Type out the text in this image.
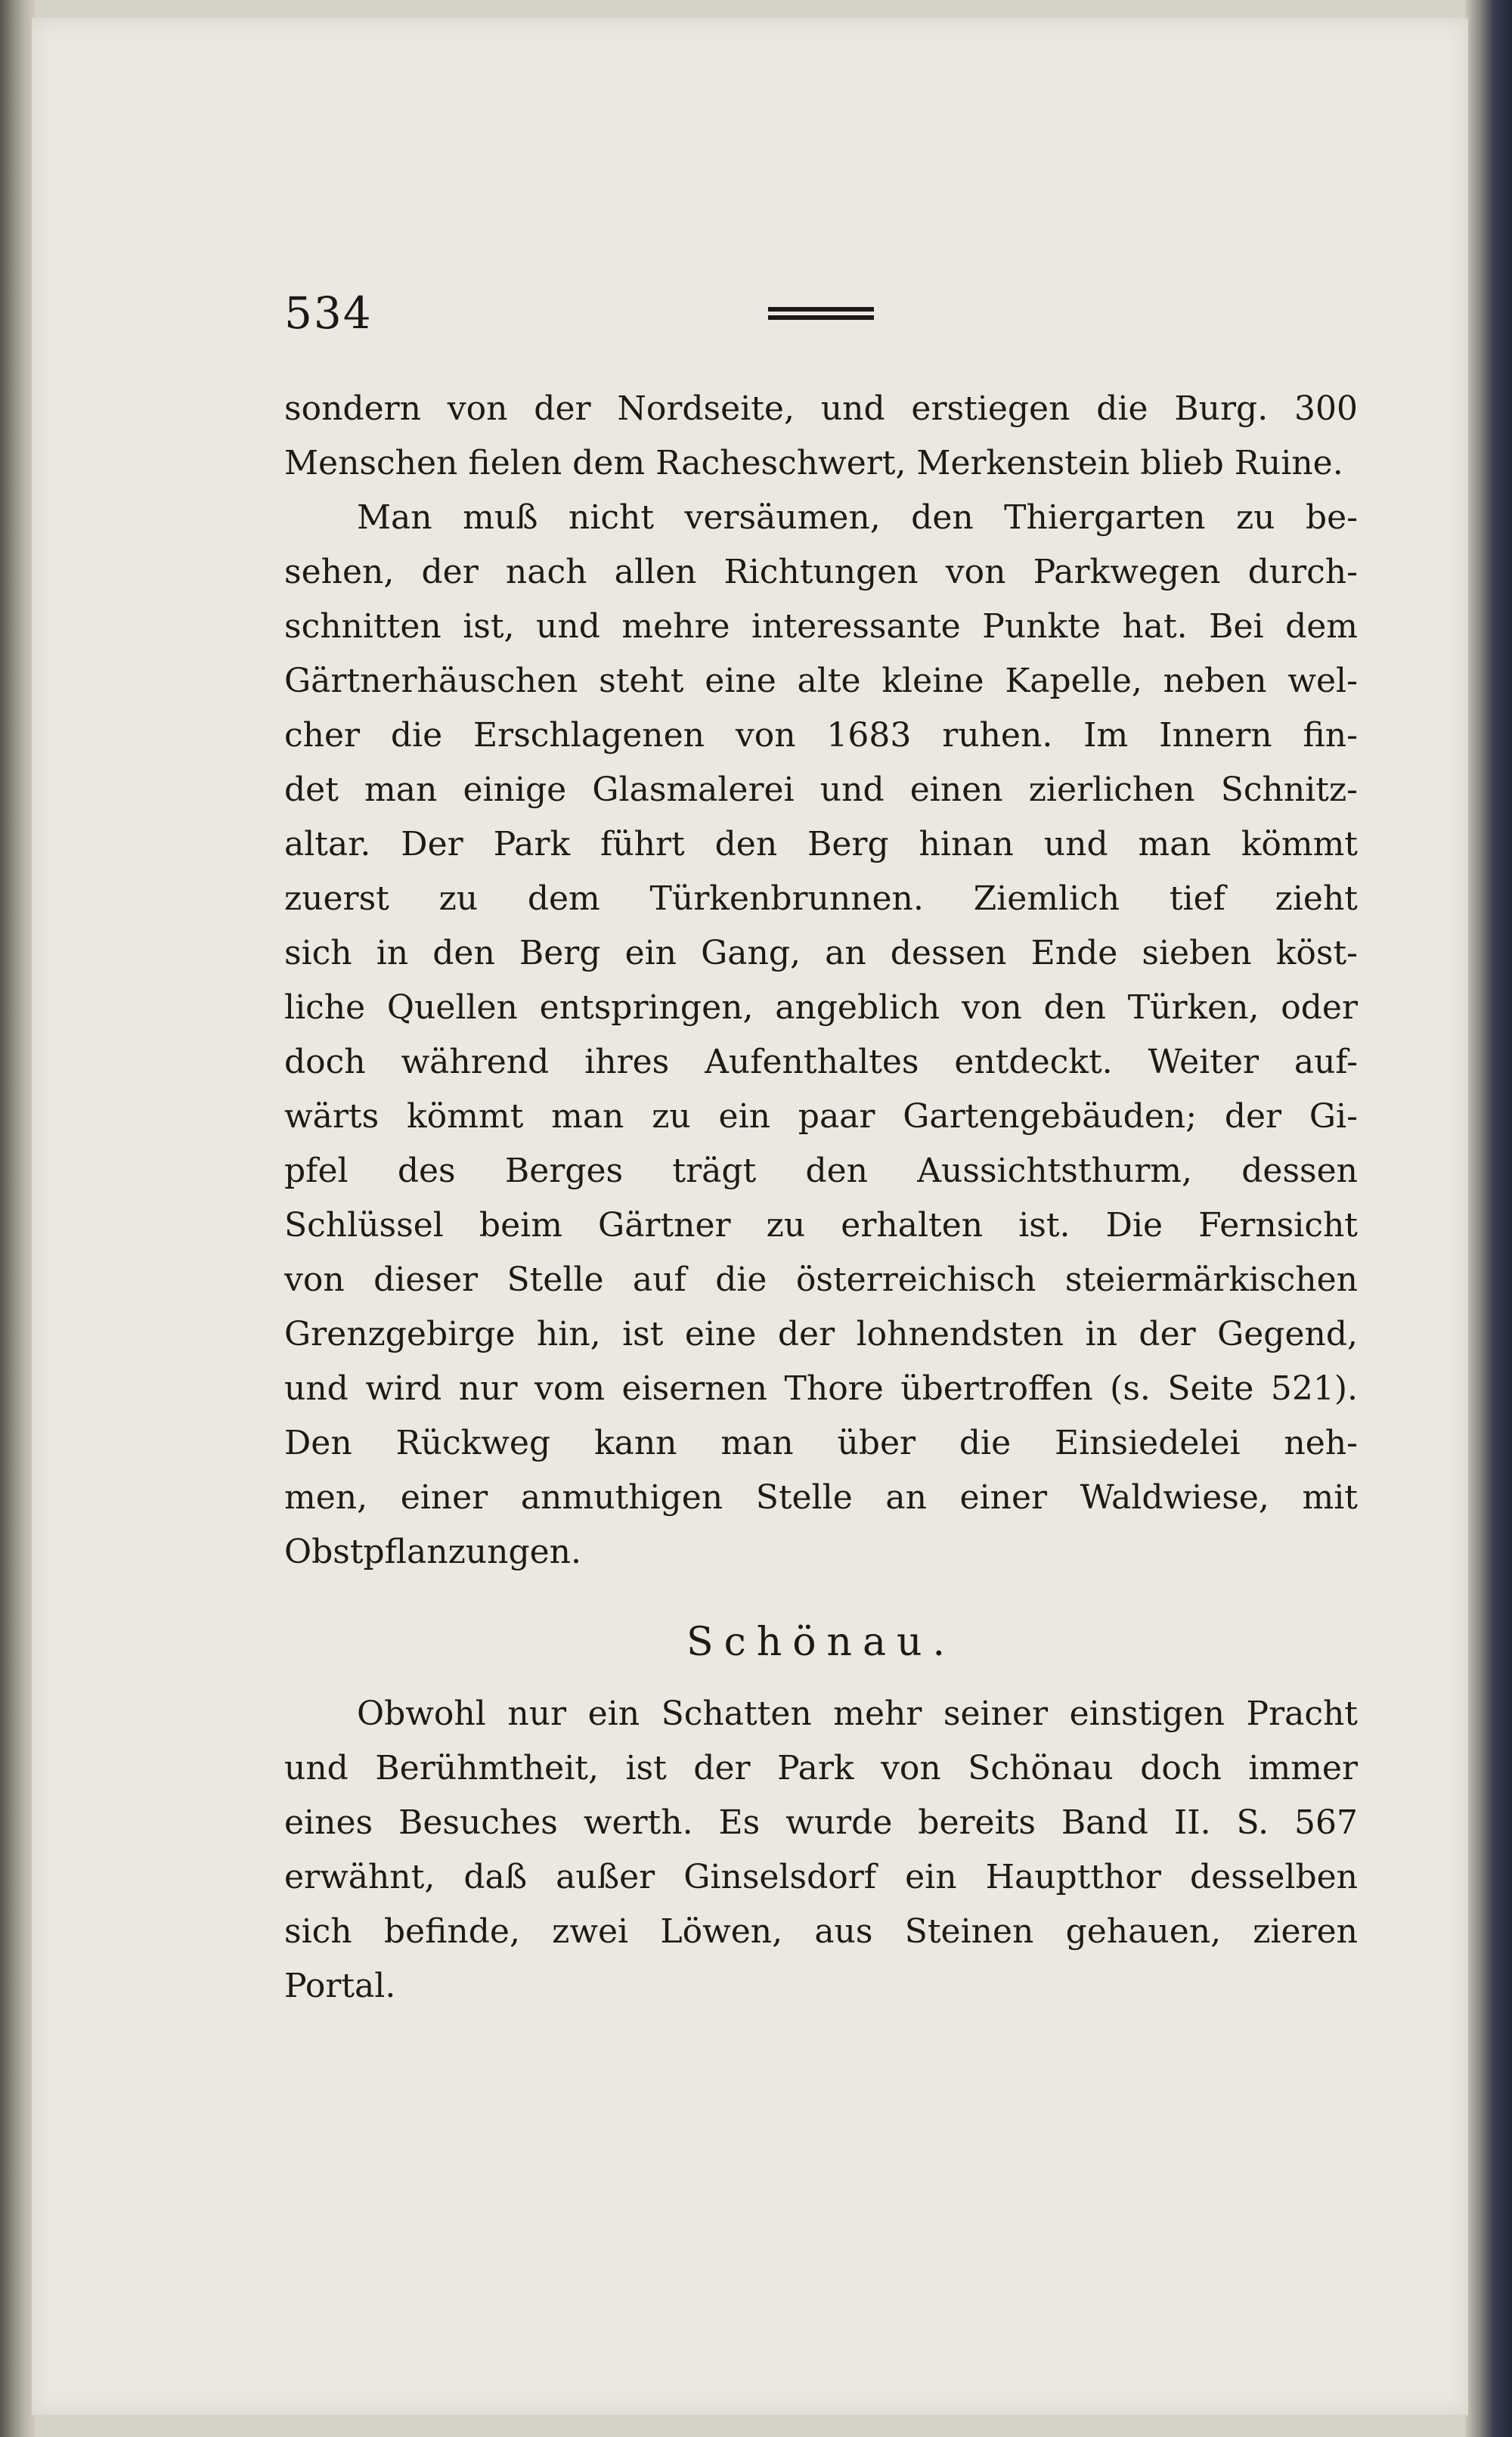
534
sondern von der Nordseite, und erstiegen die Burg. 300
Menschen fielen dem Racheschwert, Merkenstein blieb Ruine.
Man muß nicht versäumen, den Thiergarten zu be-
sehen, der nach allen Richtungen von Parkwegen durch-
schnitten ist, und mehre interessante Punkte hat. Bei dem
Gärtnerhäuschen steht eine alte kleine Kapelle, neben wel-
cher die Erschlagenen von 1683 ruhen. Im Innern fin-
det man einige Glasmalerei und einen zierlichen Schnitz-
altar. Der Park führt den Berg hinan und man kömmt
zuerst zu dem Türkenbrunnen. Ziemlich tief zieht
sich in den Berg ein Gang, an dessen Ende sieben köst-
liche Quellen entspringen, angeblich von den Türken, oder
doch während ihres Aufenthaltes entdeckt. Weiter auf-
wärts kömmt man zu ein paar Gartengebäuden; der Gi-
pfel des Berges trägt den Aussichtsthurm, dessen
Schlüssel beim Gärtner zu erhalten ist. Die Fernsicht
von dieser Stelle auf die österreichisch steiermärkischen
Grenzgebirge hin, ist eine der lohnendsten in der Gegend,
und wird nur vom eisernen Thore übertroffen (s. Seite 521).
Den Rückweg kann man über die Einsiedelei neh-
men, einer anmuthigen Stelle an einer Waldwiese, mit
Obstpflanzungen.
Schönau.
Obwohl nur ein Schatten mehr seiner einstigen Pracht
und Berühmtheit, ist der Park von Schönau doch immer
eines Besuches werth. Es wurde bereits Band II. S. 567
erwähnt, daß außer Ginselsdorf ein Hauptthor desselben
sich befinde, zwei Löwen, aus Steinen gehauen, zieren
Portal.
